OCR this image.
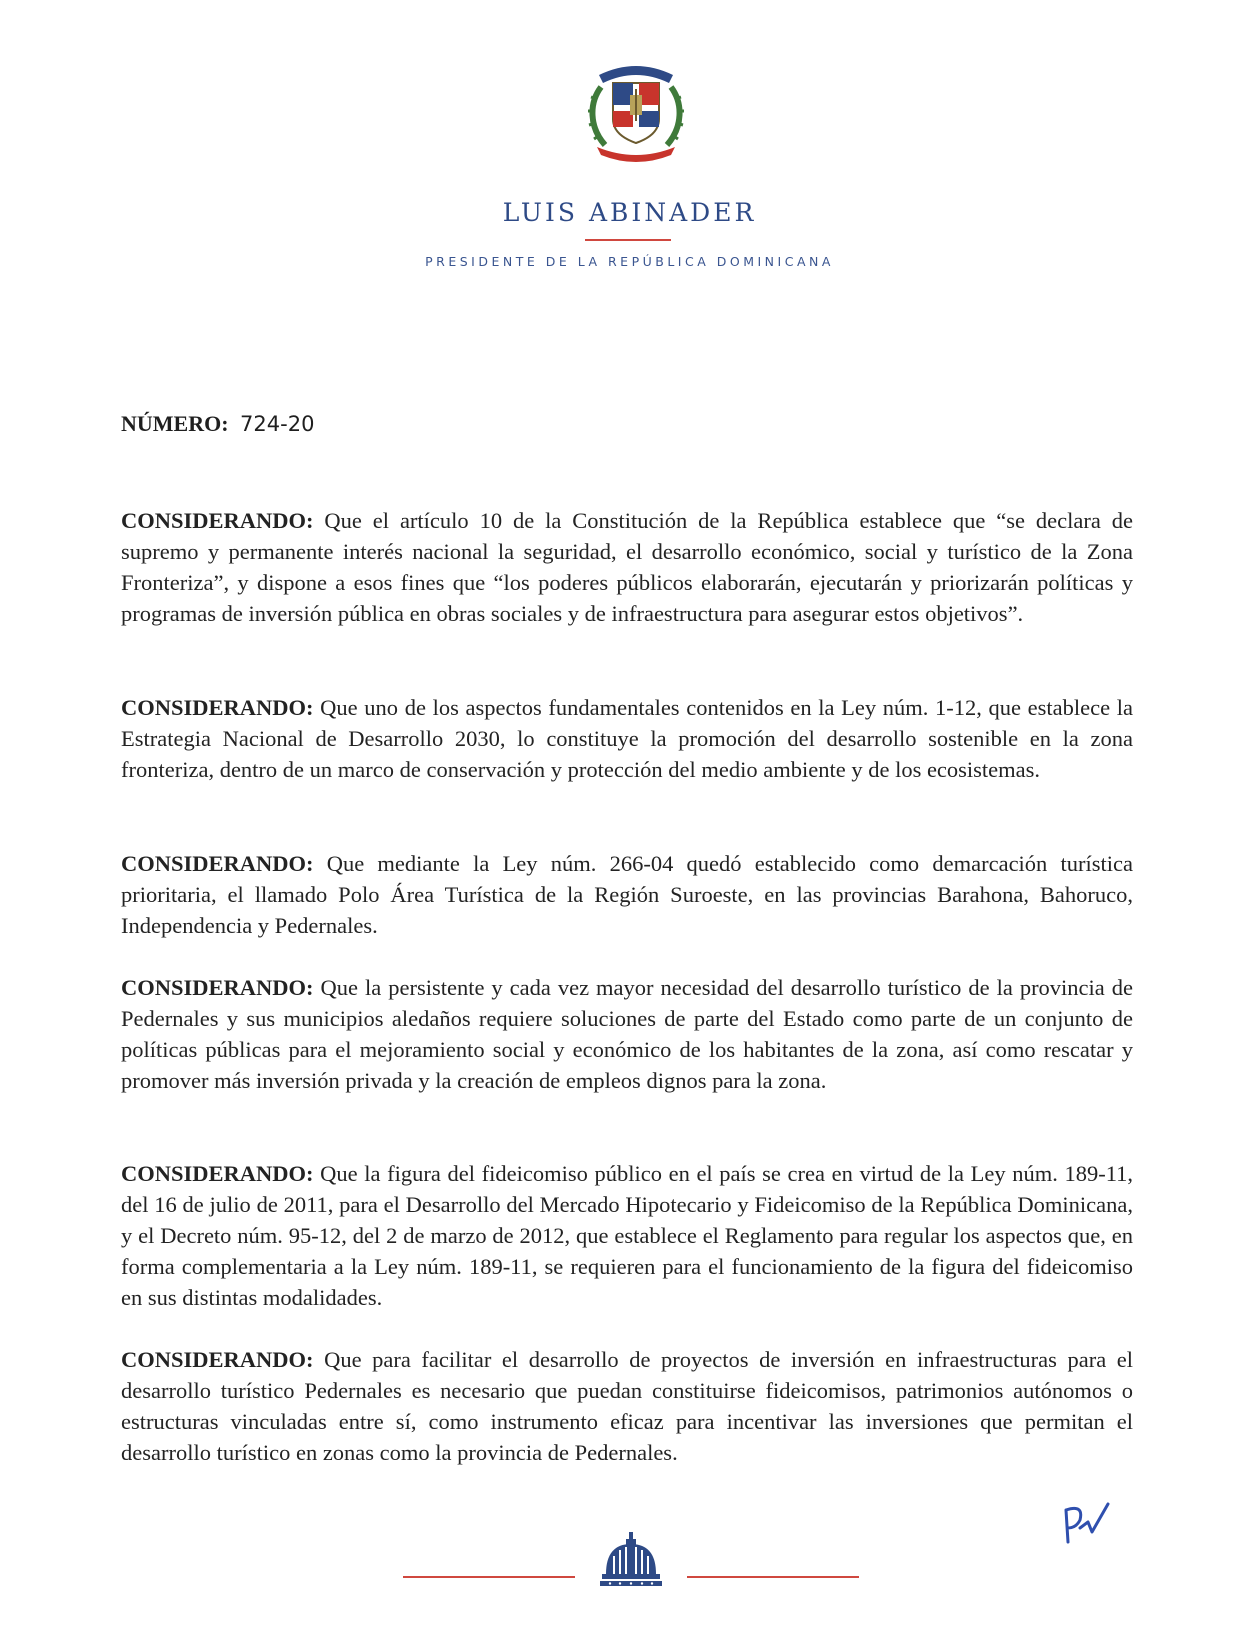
LUIS ABINADER
PRESIDENTE DE LA REPÚBLICA DOMINICANA
NÚMERO: 724-20

CONSIDERANDO: Que el artículo 10 de la Constitución de la República establece que “se declara de supremo y permanente interés nacional la seguridad, el desarrollo económico, social y turístico de la Zona Fronteriza”, y dispone a esos fines que “los poderes públicos elaborarán, ejecutarán y priorizarán políticas y programas de inversión pública en obras sociales y de infraestructura para asegurar estos objetivos”.

CONSIDERANDO: Que uno de los aspectos fundamentales contenidos en la Ley núm. 1-12, que establece la Estrategia Nacional de Desarrollo 2030, lo constituye la promoción del desarrollo sostenible en la zona fronteriza, dentro de un marco de conservación y protección del medio ambiente y de los ecosistemas.

CONSIDERANDO: Que mediante la Ley núm. 266-04 quedó establecido como demarcación turística prioritaria, el llamado Polo Área Turística de la Región Suroeste, en las provincias Barahona, Bahoruco, Independencia y Pedernales.

CONSIDERANDO: Que la persistente y cada vez mayor necesidad del desarrollo turístico de la provincia de Pedernales y sus municipios aledaños requiere soluciones de parte del Estado como parte de un conjunto de políticas públicas para el mejoramiento social y económico de los habitantes de la zona, así como rescatar y promover más inversión privada y la creación de empleos dignos para la zona.

CONSIDERANDO: Que la figura del fideicomiso público en el país se crea en virtud de la Ley núm. 189-11, del 16 de julio de 2011, para el Desarrollo del Mercado Hipotecario y Fideicomiso de la República Dominicana, y el Decreto núm. 95-12, del 2 de marzo de 2012, que establece el Reglamento para regular los aspectos que, en forma complementaria a la Ley núm. 189-11, se requieren para el funcionamiento de la figura del fideicomiso en sus distintas modalidades.

CONSIDERANDO: Que para facilitar el desarrollo de proyectos de inversión en infraestructuras para el desarrollo turístico Pedernales es necesario que puedan constituirse fideicomisos, patrimonios autónomos o estructuras vinculadas entre sí, como instrumento eficaz para incentivar las inversiones que permitan el desarrollo turístico en zonas como la provincia de Pedernales.
